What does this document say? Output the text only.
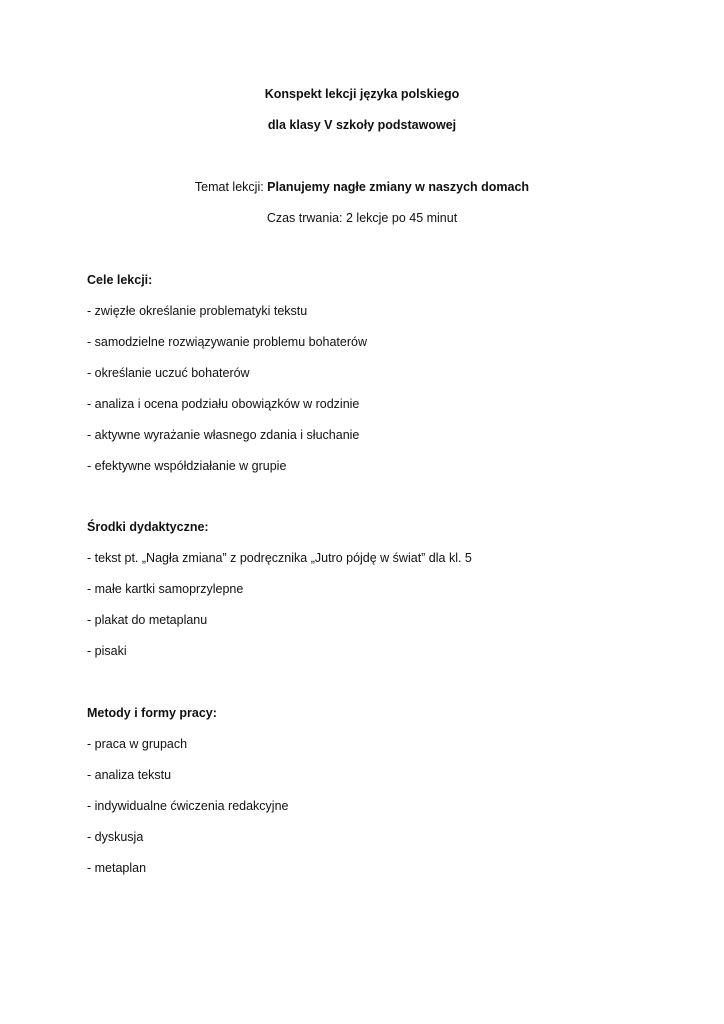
Konspekt lekcji języka polskiego
dla klasy V szkoły podstawowej
Temat lekcji: Planujemy nagłe zmiany w naszych domach
Czas trwania: 2 lekcje po 45 minut
Cele lekcji:
- zwięzłe określanie problematyki tekstu
- samodzielne rozwiązywanie problemu bohaterów
- określanie uczuć bohaterów
- analiza i ocena podziału obowiązków w rodzinie
- aktywne wyrażanie własnego zdania i słuchanie
- efektywne współdziałanie w grupie
Środki dydaktyczne:
- tekst pt. „Nagła zmiana” z podręcznika „Jutro pójdę w świat” dla kl. 5
- małe kartki samoprzylepne
- plakat do metaplanu
- pisaki
Metody i formy pracy:
- praca w grupach
- analiza tekstu
- indywidualne ćwiczenia redakcyjne
- dyskusja
- metaplan
